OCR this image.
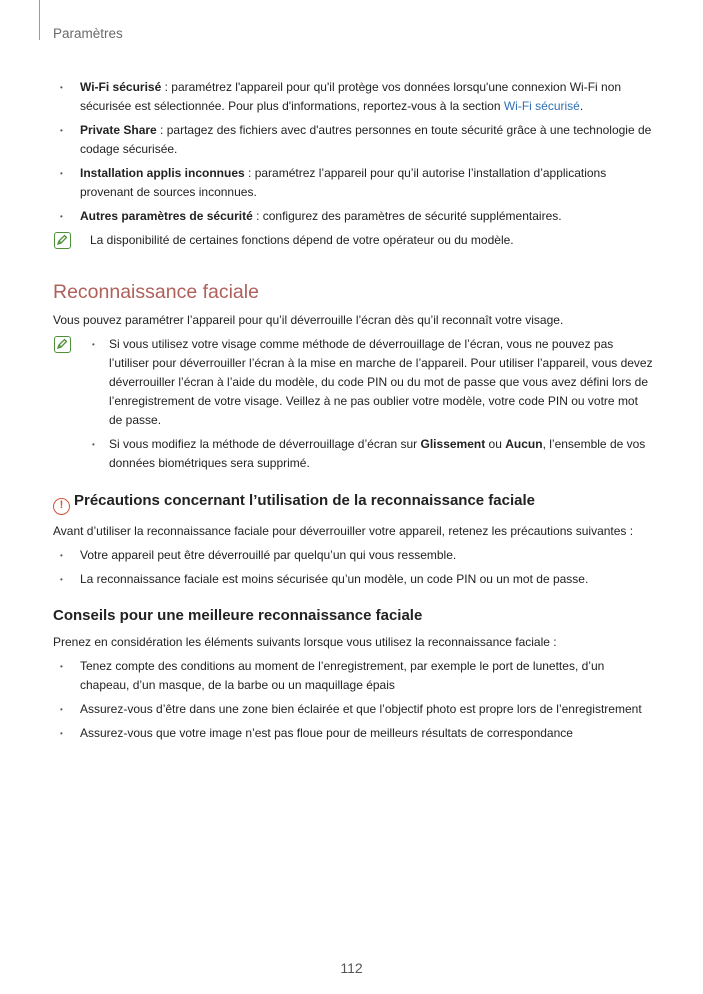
Paramètres
• Wi-Fi sécurisé : paramétrez l'appareil pour qu'il protège vos données lorsqu'une connexion Wi-Fi non sécurisée est sélectionnée. Pour plus d'informations, reportez-vous à la section Wi-Fi sécurisé.
• Private Share : partagez des fichiers avec d'autres personnes en toute sécurité grâce à une technologie de codage sécurisée.
• Installation applis inconnues : paramétrez l’appareil pour qu’il autorise l’installation d’applications provenant de sources inconnues.
• Autres paramètres de sécurité : configurez des paramètres de sécurité supplémentaires.

La disponibilité de certaines fonctions dépend de votre opérateur ou du modèle.

Reconnaissance faciale

Vous pouvez paramétrer l’appareil pour qu’il déverrouille l’écran dès qu’il reconnaît votre visage.

• Si vous utilisez votre visage comme méthode de déverrouillage de l’écran, vous ne pouvez pas l’utiliser pour déverrouiller l’écran à la mise en marche de l’appareil. Pour utiliser l’appareil, vous devez déverrouiller l’écran à l’aide du modèle, du code PIN ou du mot de passe que vous avez défini lors de l’enregistrement de votre visage. Veillez à ne pas oublier votre modèle, votre code PIN ou votre mot de passe.
• Si vous modifiez la méthode de déverrouillage d’écran sur Glissement ou Aucun, l’ensemble de vos données biométriques sera supprimé.
! Précautions concernant l’utilisation de la reconnaissance faciale

Avant d’utiliser la reconnaissance faciale pour déverrouiller votre appareil, retenez les précautions suivantes :

• Votre appareil peut être déverrouillé par quelqu’un qui vous ressemble.
• La reconnaissance faciale est moins sécurisée qu’un modèle, un code PIN ou un mot de passe.
Conseils pour une meilleure reconnaissance faciale

Prenez en considération les éléments suivants lorsque vous utilisez la reconnaissance faciale :

• Tenez compte des conditions au moment de l’enregistrement, par exemple le port de lunettes, d’un chapeau, d’un masque, de la barbe ou un maquillage épais
• Assurez-vous d’être dans une zone bien éclairée et que l’objectif photo est propre lors de l’enregistrement
• Assurez-vous que votre image n’est pas floue pour de meilleurs résultats de correspondance
112
